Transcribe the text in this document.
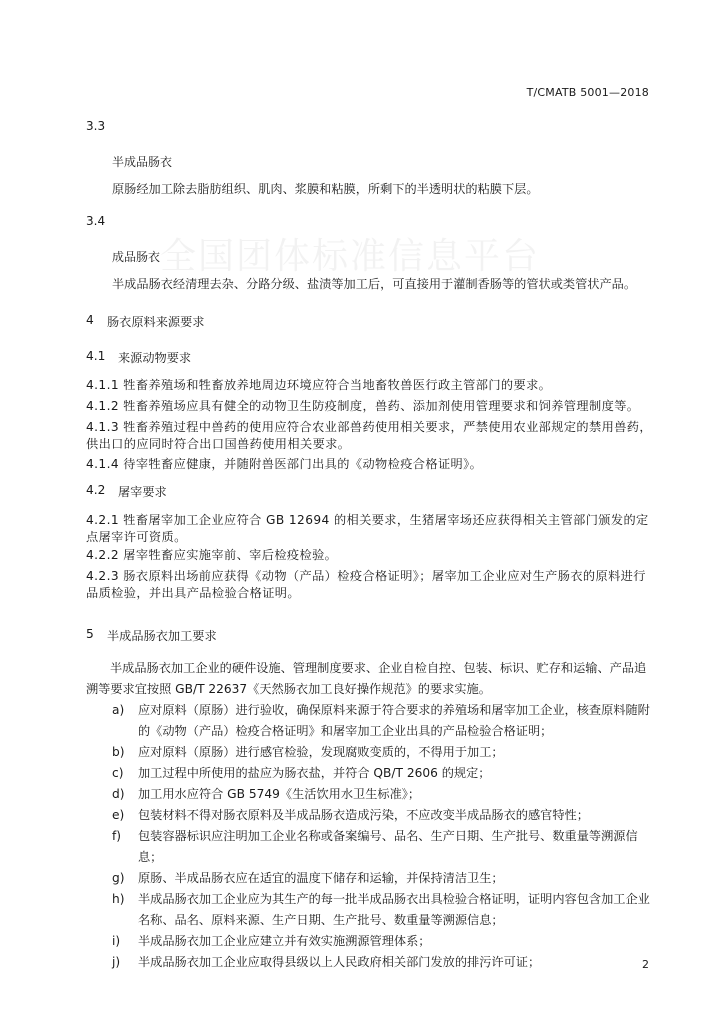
T/CMATB 5001—2018
全国团体标准信息平台
3.3
半成品肠衣
原肠经加工除去脂肪组织、肌肉、浆膜和粘膜，所剩下的半透明状的粘膜下层。
3.4
成品肠衣
半成品肠衣经清理去杂、分路分级、盐渍等加工后，可直接用于灌制香肠等的管状或类管状产品。
4 肠衣原料来源要求
4.1 来源动物要求
4.1.1 牲畜养殖场和牲畜放养地周边环境应符合当地畜牧兽医行政主管部门的要求。
4.1.2 牲畜养殖场应具有健全的动物卫生防疫制度，兽药、添加剂使用管理要求和饲养管理制度等。
4.1.3 牲畜养殖过程中兽药的使用应符合农业部兽药使用相关要求，严禁使用农业部规定的禁用兽药，供出口的应同时符合出口国兽药使用相关要求。
4.1.4 待宰牲畜应健康，并随附兽医部门出具的《动物检疫合格证明》。
4.2 屠宰要求
4.2.1 牲畜屠宰加工企业应符合 GB 12694 的相关要求，生猪屠宰场还应获得相关主管部门颁发的定点屠宰许可资质。
4.2.2 屠宰牲畜应实施宰前、宰后检疫检验。
4.2.3 肠衣原料出场前应获得《动物（产品）检疫合格证明》；屠宰加工企业应对生产肠衣的原料进行品质检验，并出具产品检验合格证明。
5 半成品肠衣加工要求
半成品肠衣加工企业的硬件设施、管理制度要求、企业自检自控、包装、标识、贮存和运输、产品追溯等要求宜按照 GB/T 22637《天然肠衣加工良好操作规范》的要求实施。
a)	应对原料（原肠）进行验收，确保原料来源于符合要求的养殖场和屠宰加工企业，核查原料随附的《动物（产品）检疫合格证明》和屠宰加工企业出具的产品检验合格证明；
b)	应对原料（原肠）进行感官检验，发现腐败变质的，不得用于加工；
c)	加工过程中所使用的盐应为肠衣盐，并符合 QB/T 2606 的规定；
d)	加工用水应符合 GB 5749《生活饮用水卫生标准》；
e)	包装材料不得对肠衣原料及半成品肠衣造成污染，不应改变半成品肠衣的感官特性；
f)	包装容器标识应注明加工企业名称或备案编号、品名、生产日期、生产批号、数重量等溯源信息；
g)	原肠、半成品肠衣应在适宜的温度下储存和运输，并保持清洁卫生；
h)	半成品肠衣加工企业应为其生产的每一批半成品肠衣出具检验合格证明，证明内容包含加工企业名称、品名、原料来源、生产日期、生产批号、数重量等溯源信息；
i)	半成品肠衣加工企业应建立并有效实施溯源管理体系；
j)	半成品肠衣加工企业应取得县级以上人民政府相关部门发放的排污许可证；	2
